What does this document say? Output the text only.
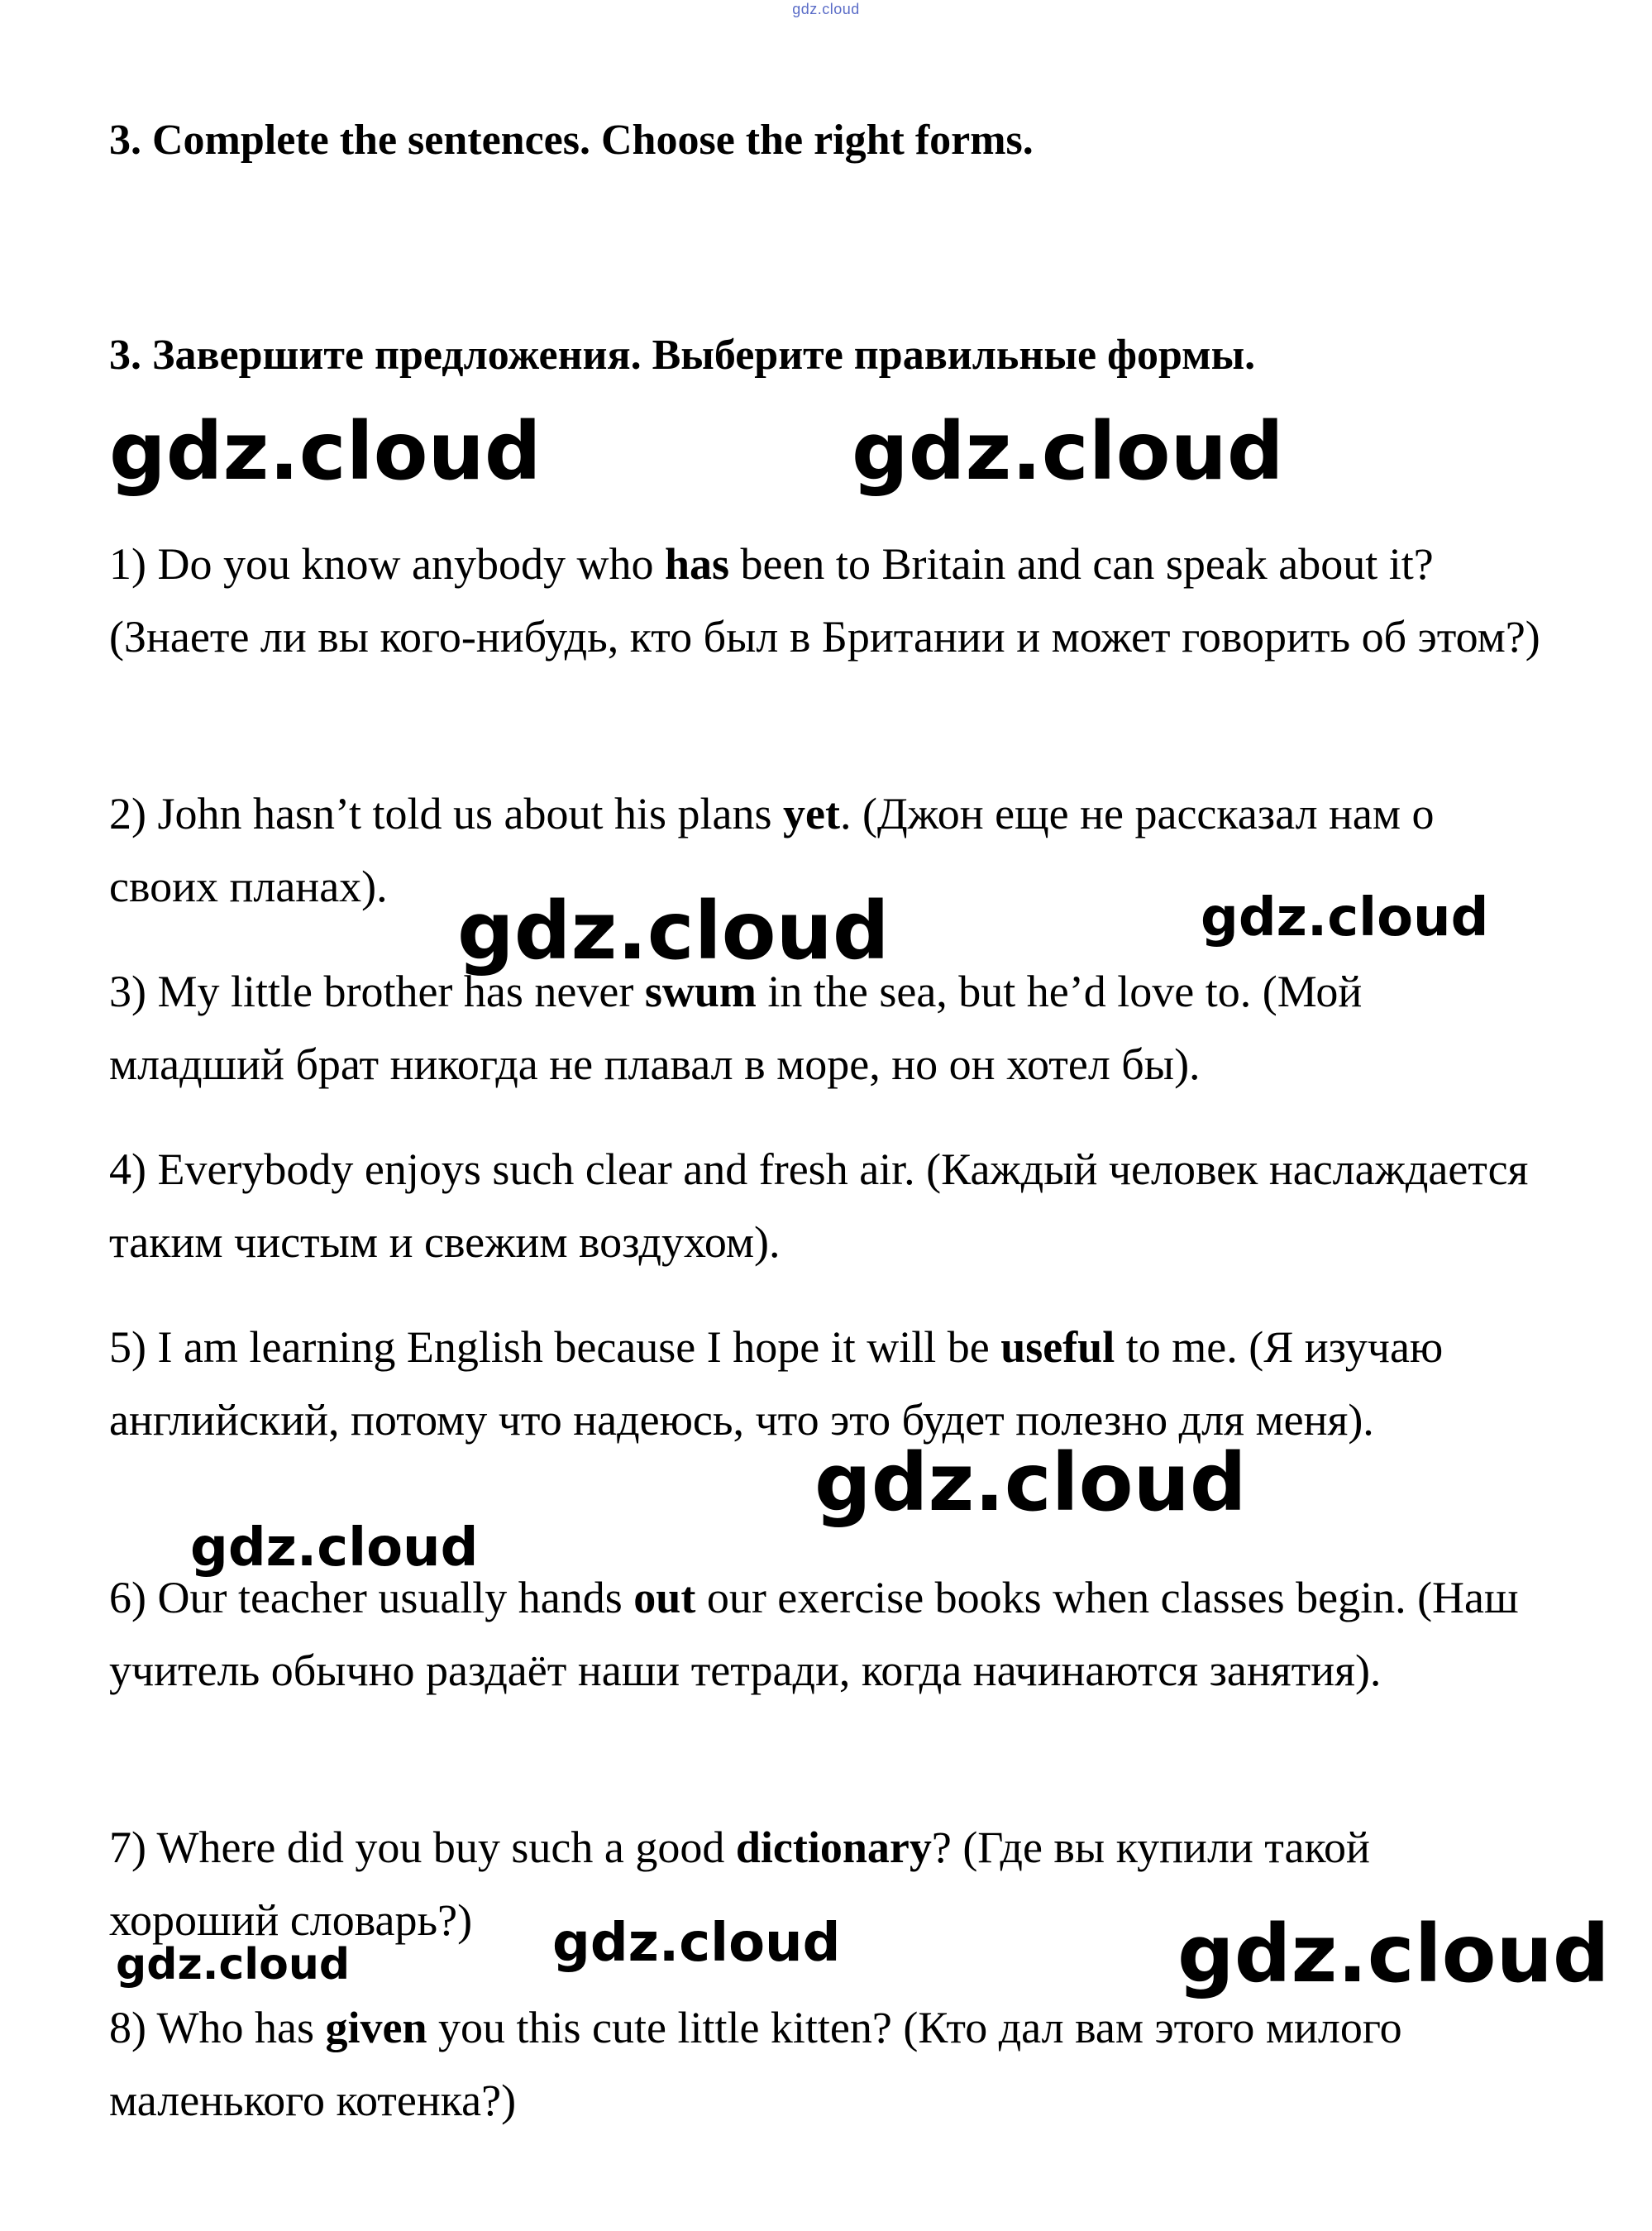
gdz.cloud
3. Complete the sentences. Choose the right forms.
3. Завершите предложения. Выберите правильные формы.
1) Do you know anybody who has been to Britain and can speak about it? (Знаете ли вы кого-нибудь, кто был в Британии и может говорить об этом?)
2) John hasn’t told us about his plans yet. (Джон еще не рассказал нам о своих планах).
3) My little brother has never swum in the sea, but he’d love to. (Мой младший брат никогда не плавал в море, но он хотел бы).
4) Everybody enjoys such clear and fresh air. (Каждый человек наслаждается таким чистым и свежим воздухом).
5) I am learning English because I hope it will be useful to me. (Я изучаю английский, потому что надеюсь, что это будет полезно для меня).
6) Our teacher usually hands out our exercise books when classes begin. (Наш учитель обычно раздаёт наши тетради, когда начинаются занятия).
7) Where did you buy such a good dictionary? (Где вы купили такой хороший словарь?)
8) Who has given you this cute little kitten? (Кто дал вам этого милого маленького котенка?)
gdz.cloud	gdz.cloud
gdz.cloud	gdz.cloud
gdz.cloud
gdz.cloud
gdz.cloud	gdz.cloud	gdz.cloud
